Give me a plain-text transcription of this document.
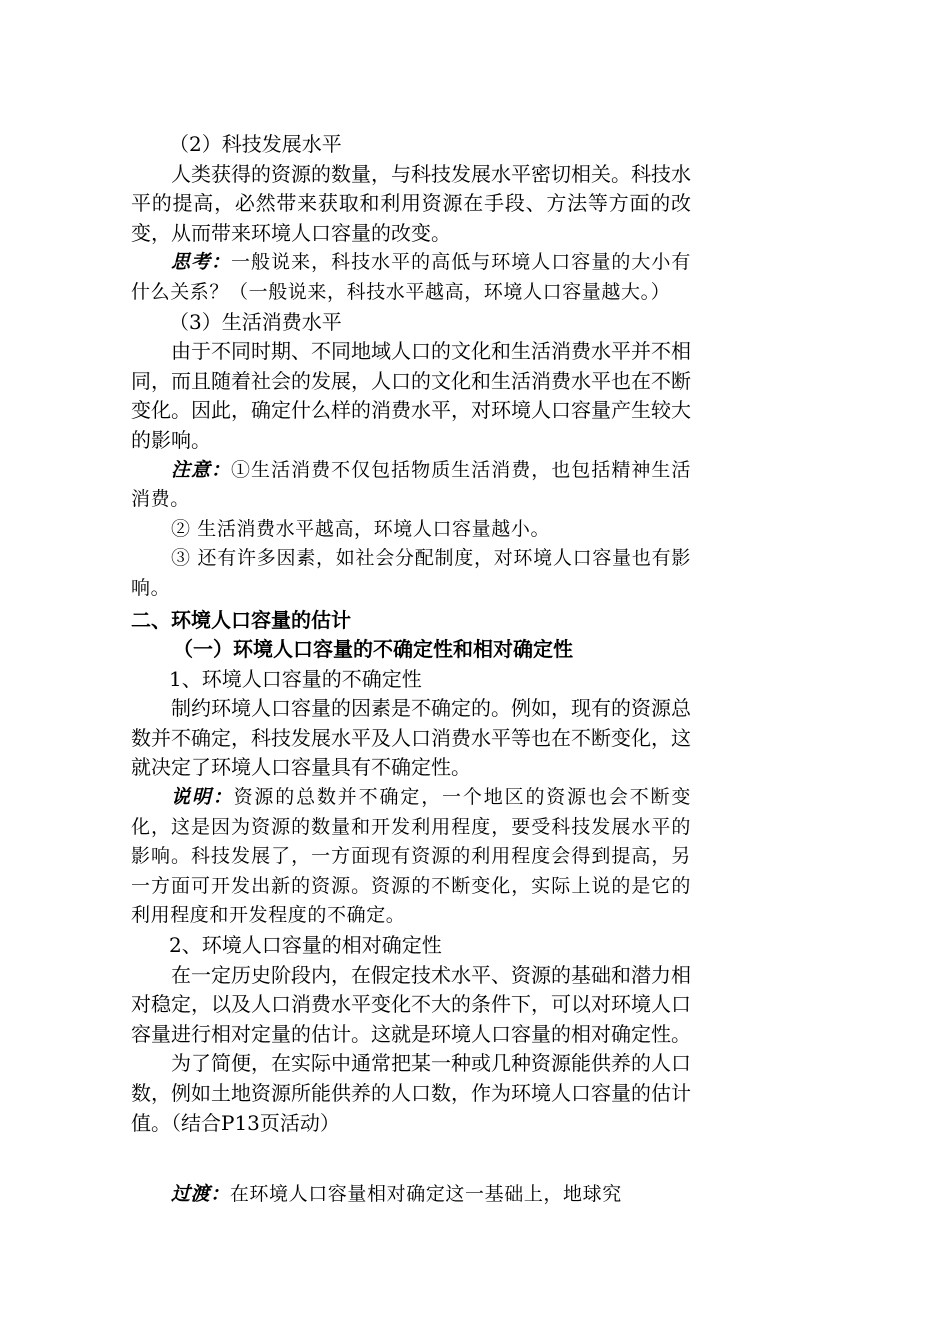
（2）科技发展水平

人类获得的资源的数量，与科技发展水平密切相关。科技水平的提高，必然带来获取和利用资源在手段、方法等方面的改变，从而带来环境人口容量的改变。

思考：一般说来，科技水平的高低与环境人口容量的大小有什么关系？（一般说来，科技水平越高，环境人口容量越大。）

（3）生活消费水平

由于不同时期、不同地域人口的文化和生活消费水平并不相同，而且随着社会的发展，人口的文化和生活消费水平也在不断变化。因此，确定什么样的消费水平，对环境人口容量产生较大的影响。

注意：①生活消费不仅包括物质生活消费，也包括精神生活消费。

② 生活消费水平越高，环境人口容量越小。

③ 还有许多因素，如社会分配制度，对环境人口容量也有影响。

二、环境人口容量的估计

（一）环境人口容量的不确定性和相对确定性

1、环境人口容量的不确定性

制约环境人口容量的因素是不确定的。例如，现有的资源总数并不确定，科技发展水平及人口消费水平等也在不断变化，这就决定了环境人口容量具有不确定性。

说明：资源的总数并不确定，一个地区的资源也会不断变化，这是因为资源的数量和开发利用程度，要受科技发展水平的影响。科技发展了，一方面现有资源的利用程度会得到提高，另一方面可开发出新的资源。资源的不断变化，实际上说的是它的利用程度和开发程度的不确定。

2、环境人口容量的相对确定性

在一定历史阶段内，在假定技术水平、资源的基础和潜力相对稳定，以及人口消费水平变化不大的条件下，可以对环境人口容量进行相对定量的估计。这就是环境人口容量的相对确定性。

为了简便，在实际中通常把某一种或几种资源能供养的人口数，例如土地资源所能供养的人口数，作为环境人口容量的估计值。（结合P13页活动）

过渡：在环境人口容量相对确定这一基础上，地球究
